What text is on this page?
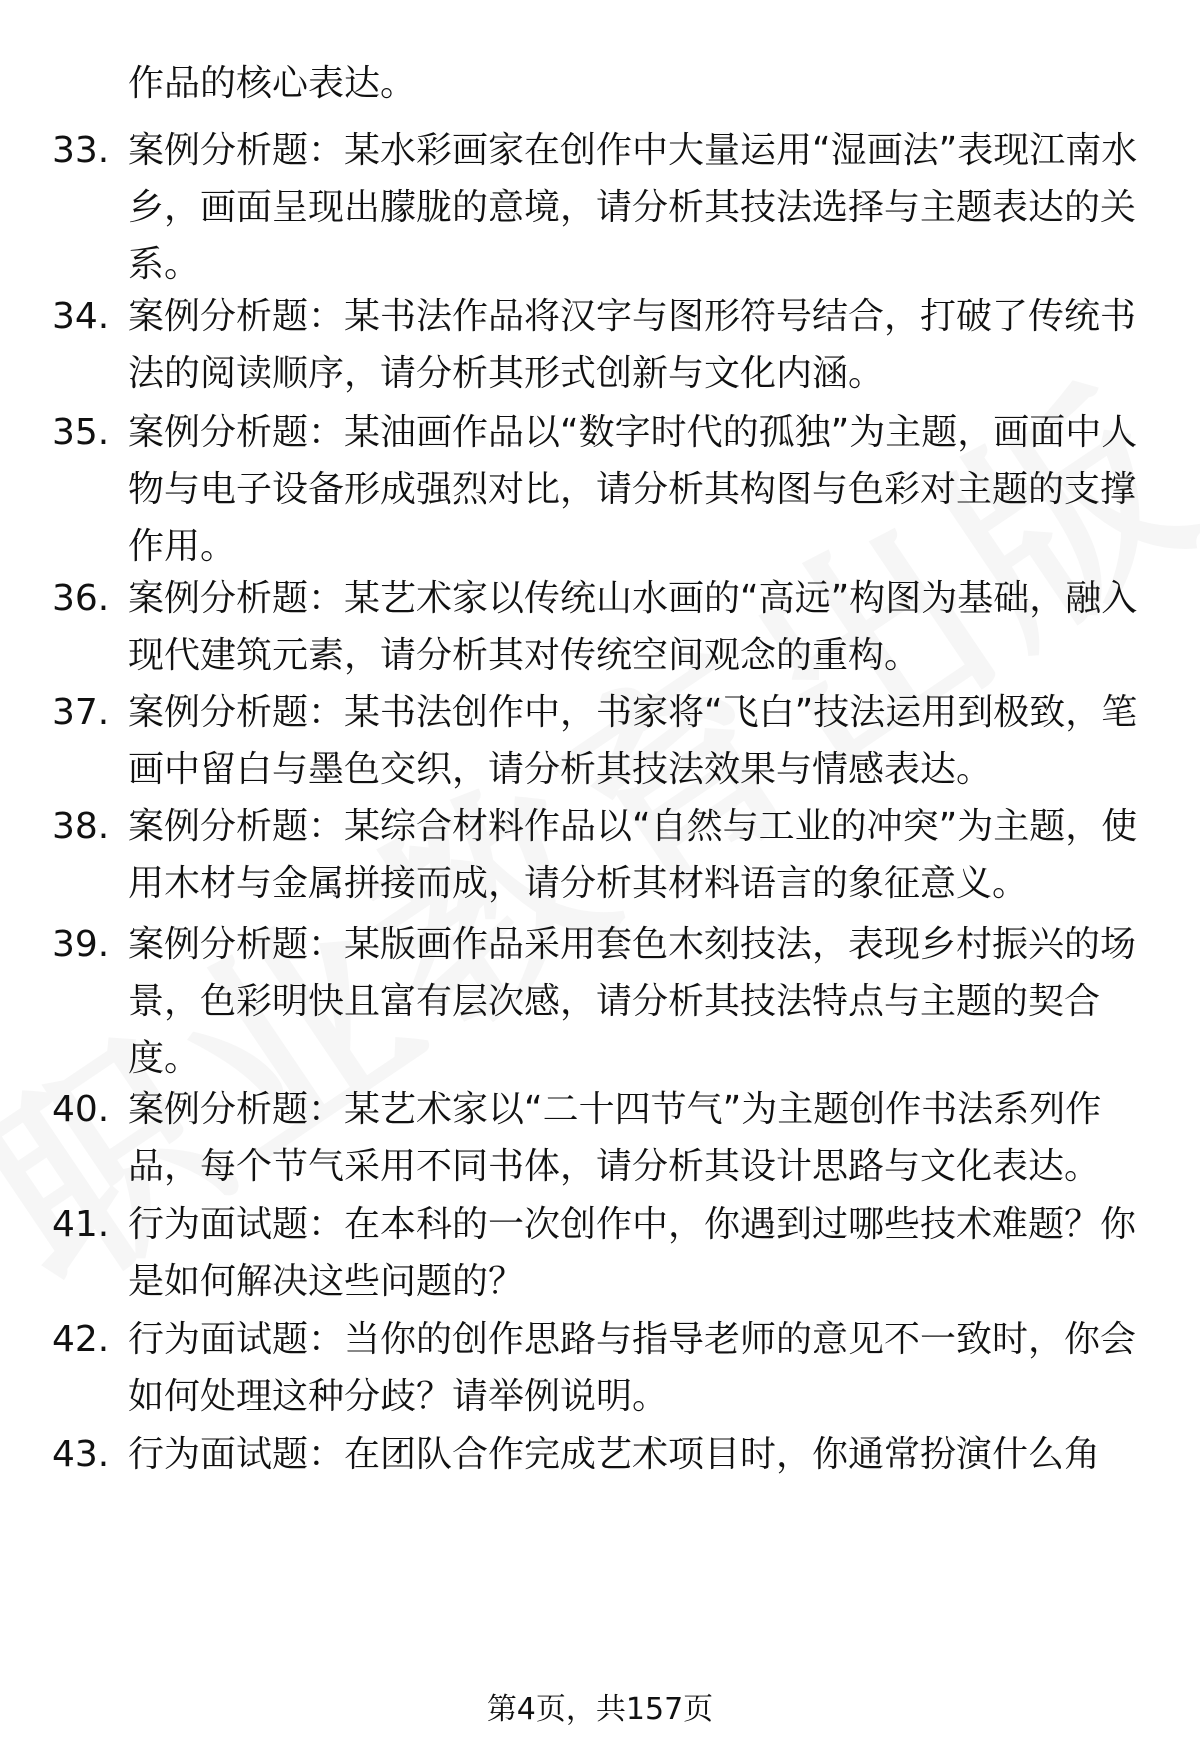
作品的核心表达。
33. 案例分析题：某水彩画家在创作中大量运用“湿画法”表现江南水乡，画面呈现出朦胧的意境，请分析其技法选择与主题表达的关系。
34. 案例分析题：某书法作品将汉字与图形符号结合，打破了传统书法的阅读顺序，请分析其形式创新与文化内涵。
35. 案例分析题：某油画作品以“数字时代的孤独”为主题，画面中人物与电子设备形成强烈对比，请分析其构图与色彩对主题的支撑作用。
36. 案例分析题：某艺术家以传统山水画的“高远”构图为基础，融入现代建筑元素，请分析其对传统空间观念的重构。
37. 案例分析题：某书法创作中，书家将“飞白”技法运用到极致，笔画中留白与墨色交织，请分析其技法效果与情感表达。
38. 案例分析题：某综合材料作品以“自然与工业的冲突”为主题，使用木材与金属拼接而成，请分析其材料语言的象征意义。
39. 案例分析题：某版画作品采用套色木刻技法，表现乡村振兴的场景，色彩明快且富有层次感，请分析其技法特点与主题的契合度。
40. 案例分析题：某艺术家以“二十四节气”为主题创作书法系列作品，每个节气采用不同书体，请分析其设计思路与文化表达。
41. 行为面试题：在本科的一次创作中，你遇到过哪些技术难题？你是如何解决这些问题的？
42. 行为面试题：当你的创作思路与指导老师的意见不一致时，你会如何处理这种分歧？请举例说明。
43. 行为面试题：在团队合作完成艺术项目时，你通常扮演什么角
第4页，共157页
